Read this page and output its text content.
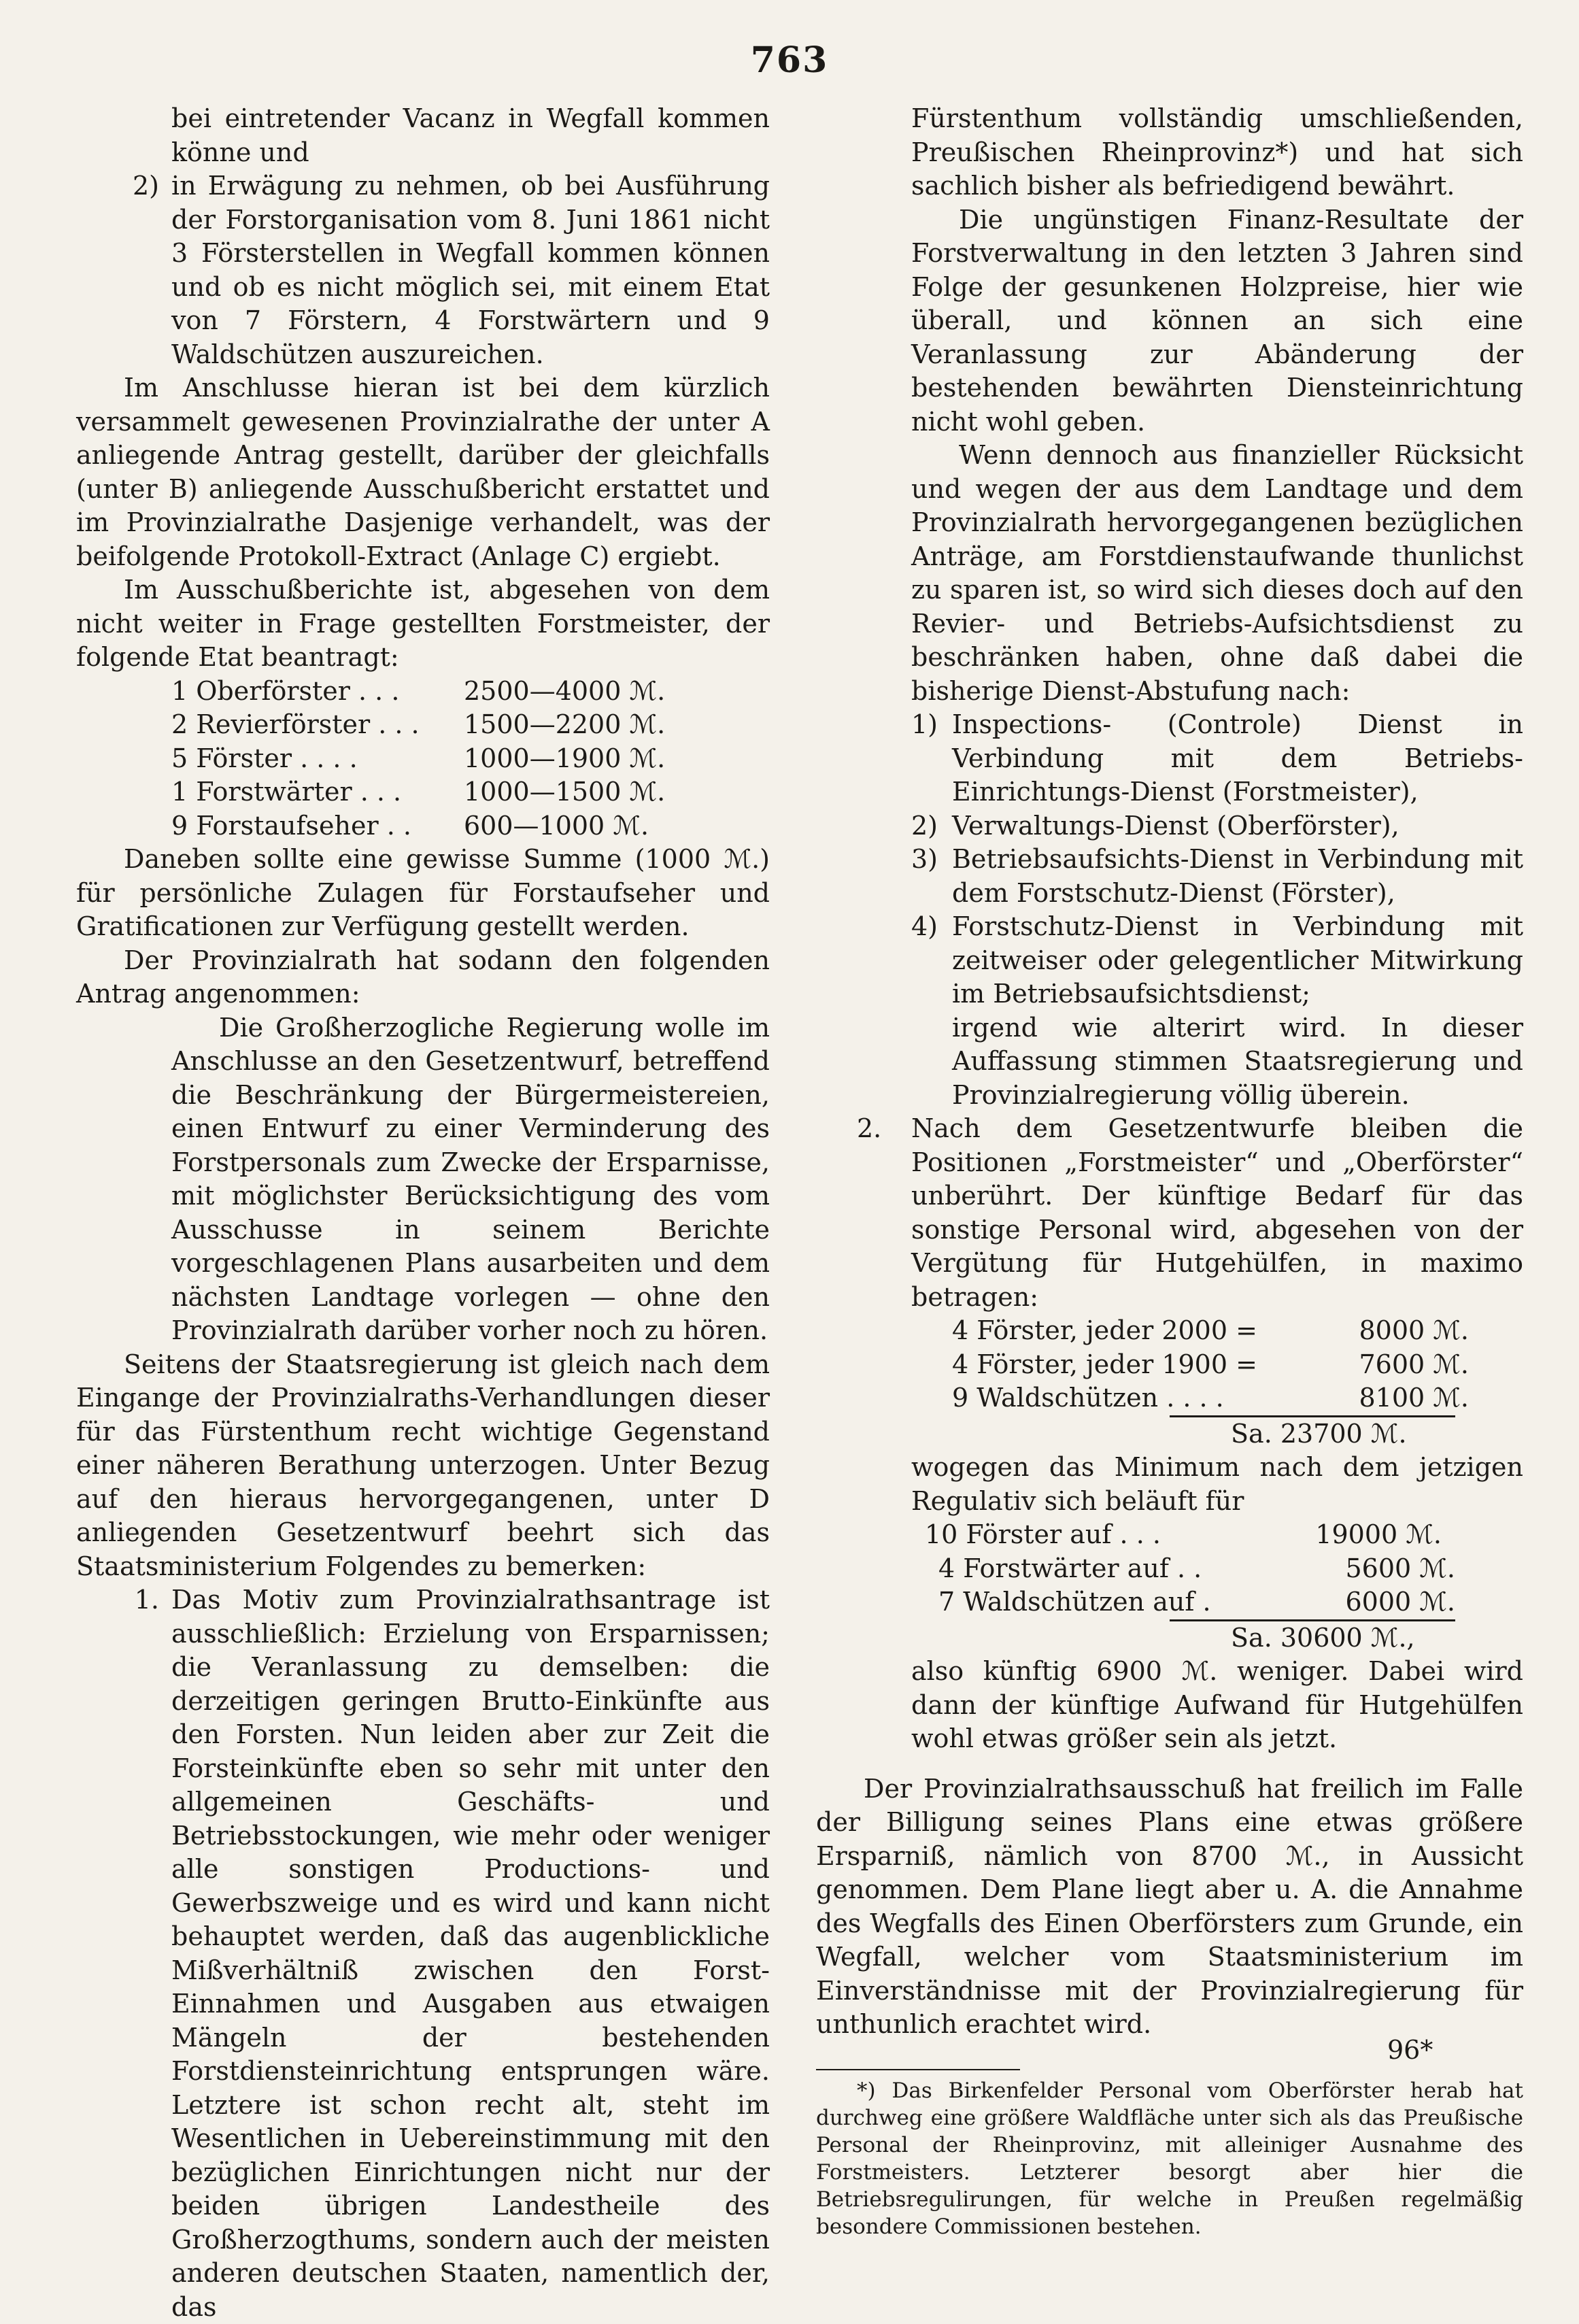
763

bei eintretender Vacanz in Wegfall kommen könne und

2) in Erwägung zu nehmen, ob bei Ausführung der Forstorganisation vom 8. Juni 1861 nicht 3 Försterstellen in Wegfall kommen können und ob es nicht möglich sei, mit einem Etat von 7 Förstern, 4 Forstwärtern und 9 Waldschützen auszureichen.

Im Anschlusse hieran ist bei dem kürzlich versammelt gewesenen Provinzialrathe der unter A anliegende Antrag gestellt, darüber der gleichfalls (unter B) anliegende Ausschußbericht erstattet und im Provinzialrathe Dasjenige verhandelt, was der beifolgende Protokoll-Extract (Anlage C) ergiebt.

Im Ausschußberichte ist, abgesehen von dem nicht weiter in Frage gestellten Forstmeister, der folgende Etat beantragt:

1 Oberförster . . .	2500—4000 ℳ.
2 Revierförster . . .	1500—2200 ℳ.
5 Förster . . . .	1000—1900 ℳ.
1 Forstwärter . . .	1000—1500 ℳ.
9 Forstaufseher . .	600—1000 ℳ.

Daneben sollte eine gewisse Summe (1000 ℳ.) für persönliche Zulagen für Forstaufseher und Gratificationen zur Verfügung gestellt werden.

Der Provinzialrath hat sodann den folgenden Antrag angenommen:

Die Großherzogliche Regierung wolle im Anschlusse an den Gesetzentwurf, betreffend die Beschränkung der Bürgermeistereien, einen Entwurf zu einer Verminderung des Forstpersonals zum Zwecke der Ersparnisse, mit möglichster Berücksichtigung des vom Ausschusse in seinem Berichte vorgeschlagenen Plans ausarbeiten und dem nächsten Landtage vorlegen — ohne den Provinzialrath darüber vorher noch zu hören.

Seitens der Staatsregierung ist gleich nach dem Eingange der Provinzialraths-Verhandlungen dieser für das Fürstenthum recht wichtige Gegenstand einer näheren Berathung unterzogen. Unter Bezug auf den hieraus hervorgegangenen, unter D anliegenden Gesetzentwurf beehrt sich das Staatsministerium Folgendes zu bemerken:

1. Das Motiv zum Provinzialrathsantrage ist ausschließlich: Erzielung von Ersparnissen; die Veranlassung zu demselben: die derzeitigen geringen Brutto-Einkünfte aus den Forsten. Nun leiden aber zur Zeit die Forsteinkünfte eben so sehr mit unter den allgemeinen Geschäfts- und Betriebsstockungen, wie mehr oder weniger alle sonstigen Productions- und Gewerbszweige und es wird und kann nicht behauptet werden, daß das augenblickliche Mißverhältniß zwischen den Forst-Einnahmen und Ausgaben aus etwaigen Mängeln der bestehenden Forstdiensteinrichtung entsprungen wäre. Letztere ist schon recht alt, steht im Wesentlichen in Uebereinstimmung mit den bezüglichen Einrichtungen nicht nur der beiden übrigen Landestheile des Großherzogthums, sondern auch der meisten anderen deutschen Staaten, namentlich der, das

Fürstenthum vollständig umschließenden, Preußischen Rheinprovinz*) und hat sich sachlich bisher als befriedigend bewährt.

Die ungünstigen Finanz-Resultate der Forstverwaltung in den letzten 3 Jahren sind Folge der gesunkenen Holzpreise, hier wie überall, und können an sich eine Veranlassung zur Abänderung der bestehenden bewährten Diensteinrichtung nicht wohl geben.

Wenn dennoch aus finanzieller Rücksicht und wegen der aus dem Landtage und dem Provinzialrath hervorgegangenen bezüglichen Anträge, am Forstdienstaufwande thunlichst zu sparen ist, so wird sich dieses doch auf den Revier- und Betriebs-Aufsichtsdienst zu beschränken haben, ohne daß dabei die bisherige Dienst-Abstufung nach:

1) Inspections- (Controle) Dienst in Verbindung mit dem Betriebs-Einrichtungs-Dienst (Forstmeister),
2) Verwaltungs-Dienst (Oberförster),
3) Betriebsaufsichts-Dienst in Verbindung mit dem Forstschutz-Dienst (Förster),
4) Forstschutz-Dienst in Verbindung mit zeitweiser oder gelegentlicher Mitwirkung im Betriebsaufsichtsdienst;

irgend wie alterirt wird. In dieser Auffassung stimmen Staatsregierung und Provinzialregierung völlig überein.

2.	Nach dem Gesetzentwurfe bleiben die Positionen „Forstmeister“ und „Oberförster“ unberührt. Der künftige Bedarf für das sonstige Personal wird, abgesehen von der Vergütung für Hutgehülfen, in maximo betragen:
4 Förster, jeder 2000 =	8000 ℳ.
4 Förster, jeder 1900 =	7600 ℳ.
9 Waldschützen . . . .	8100 ℳ.
Sa. 23700 ℳ.

wogegen das Minimum nach dem jetzigen Regulativ sich beläuft für

10 Förster auf . . .	19000 ℳ.
4 Forstwärter auf . .	5600 ℳ.
7 Waldschützen auf .	6000 ℳ.
Sa. 30600 ℳ.,

also künftig 6900 ℳ. weniger. Dabei wird dann der künftige Aufwand für Hutgehülfen wohl etwas größer sein als jetzt.

Der Provinzialrathsausschuß hat freilich im Falle der Billigung seines Plans eine etwas größere Ersparniß, nämlich von 8700 ℳ., in Aussicht genommen. Dem Plane liegt aber u. A. die Annahme des Wegfalls des Einen Oberförsters zum Grunde, ein Wegfall, welcher vom Staatsministerium im Einverständnisse mit der Provinzialregierung für unthunlich erachtet wird.

*) Das Birkenfelder Personal vom Oberförster herab hat durchweg eine größere Waldfläche unter sich als das Preußische Personal der Rheinprovinz, mit alleiniger Ausnahme des Forstmeisters. Letzterer besorgt aber hier die Betriebsregulirungen, für welche in Preußen regelmäßig besondere Commissionen bestehen.

96*
